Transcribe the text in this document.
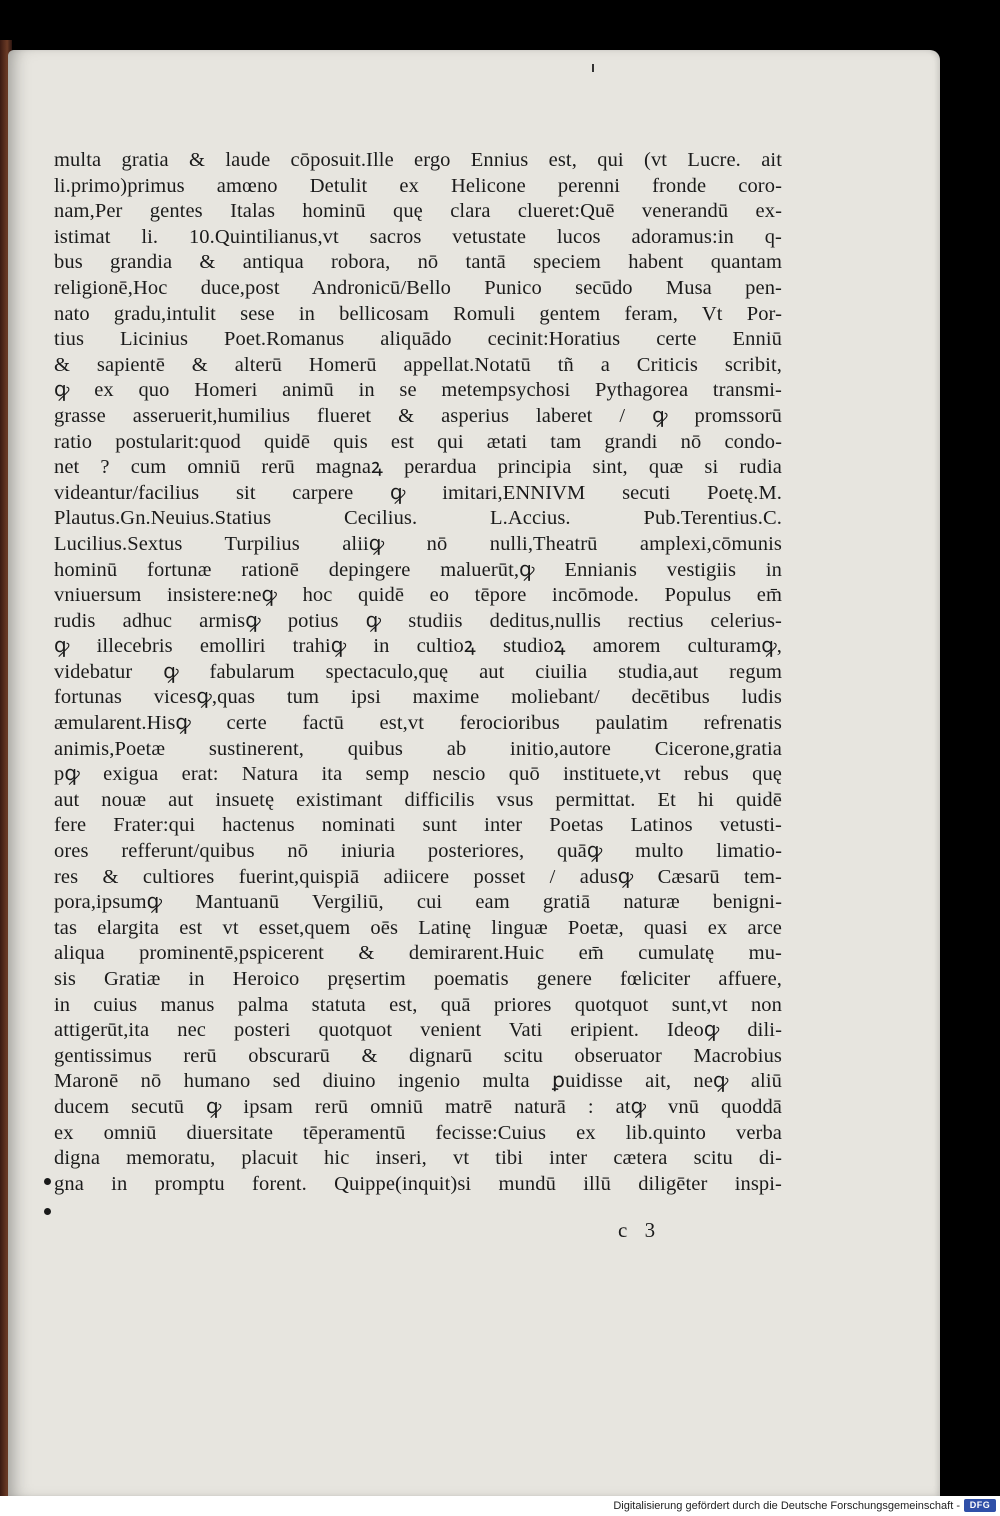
multa gratia & laude cōposuit.Ille ergo Ennius est, qui (vt Lucre. ait
li.primo)primus amœno Detulit ex Helicone perenni fronde coro-
nam,Per gentes Italas hominū quę clara clueret:Quē venerandū ex-
istimat li. 10.Quintilianus,vt sacros vetustate lucos adoramus:in q-
bus grandia & antiqua robora, nō tantā speciem habent quantam
religionē,Hoc duce,post Andronicū/Bello Punico secūdo Musa pen-
nato gradu,intulit sese in bellicosam Romuli gentem feram, Vt Por-
tius Licinius Poet.Romanus aliquādo cecinit:Horatius certe Enniū
& sapientē & alterū Homerū appellat.Notatū tñ a Criticis scribit,
ꝙ ex quo Homeri animū in se metempsychosi Pythagorea transmi-
grasse asseruerit,humilius flueret & asperius laberet / ꝙ promssorū
ratio postularit:quod quidē quis est qui ætati tam grandi nō condo-
net ? cum omniū rerū magnaꝝ perardua principia sint, quæ si rudia
videantur/facilius sit carpere ꝙ imitari,ENNIVM secuti Poetę.M.
Plautus.Gn.Neuius.Statius Cecilius. L.Accius. Pub.Terentius.C.
Lucilius.Sextus Turpilius aliiꝙ nō nulli,Theatrū amplexi,cōmunis
hominū fortunæ rationē depingere maluerūt,ꝙ Ennianis vestigiis in
vniuersum insistere:neꝙ hoc quidē eo tēpore incōmode. Populus em̄
rudis adhuc armisꝙ potius ꝙ studiis deditus,nullis rectius celerius-
ꝙ illecebris emolliri trahiꝙ in cultioꝝ studioꝝ amorem culturamꝙ,
videbatur ꝙ fabularum spectaculo,quę aut ciuilia studia,aut regum
fortunas vicesꝙ,quas tum ipsi maxime moliebant/ decētibus ludis
æmularent.Hisꝙ certe factū est,vt ferocioribus paulatim refrenatis
animis,Poetæ sustinerent, quibus ab initio,autore Cicerone,gratia
pꝙ exigua erat: Natura ita semp nescio quō instituete,vt rebus quę
aut nouæ aut insuetę existimant difficilis vsus permittat. Et hi quidē
fere Frater:qui hactenus nominati sunt inter Poetas Latinos vetusti-
ores refferunt/quibus nō iniuria posteriores, quāꝙ multo limatio-
res & cultiores fuerint,quispiā adiicere posset / adusꝙ Cæsarū tem-
pora,ipsumꝙ Mantuanū Vergiliū, cui eam gratiā naturæ benigni-
tas elargita est vt esset,quem oēs Latinę linguæ Poetæ, quasi ex arce
aliqua prominentē,pspicerent & demirarent.Huic em̄ cumulatę mu-
sis Gratiæ in Heroico pręsertim poematis genere fœliciter affuere,
in cuius manus palma statuta est, quā priores quotquot sunt,vt non
attigerūt,ita nec posteri quotquot venient Vati eripient. Ideoꝙ dili-
gentissimus rerū obscurarū & dignarū scitu obseruator Macrobius
Maronē nō humano sed diuino ingenio multa ꝑuidisse ait, neꝙ aliū
ducem secutū ꝙ ipsam rerū omniū matrē naturā : atꝙ vnū quoddā
ex omniū diuersitate tēperamentū fecisse:Cuius ex lib.quinto verba
digna memoratu, placuit hic inseri, vt tibi inter cætera scitu di-
gna in promptu forent. Quippe(inquit)si mundū illū diligēter inspi-
c 3
Digitalisierung gefördert durch die Deutsche Forschungsgemeinschaft -	DFG
